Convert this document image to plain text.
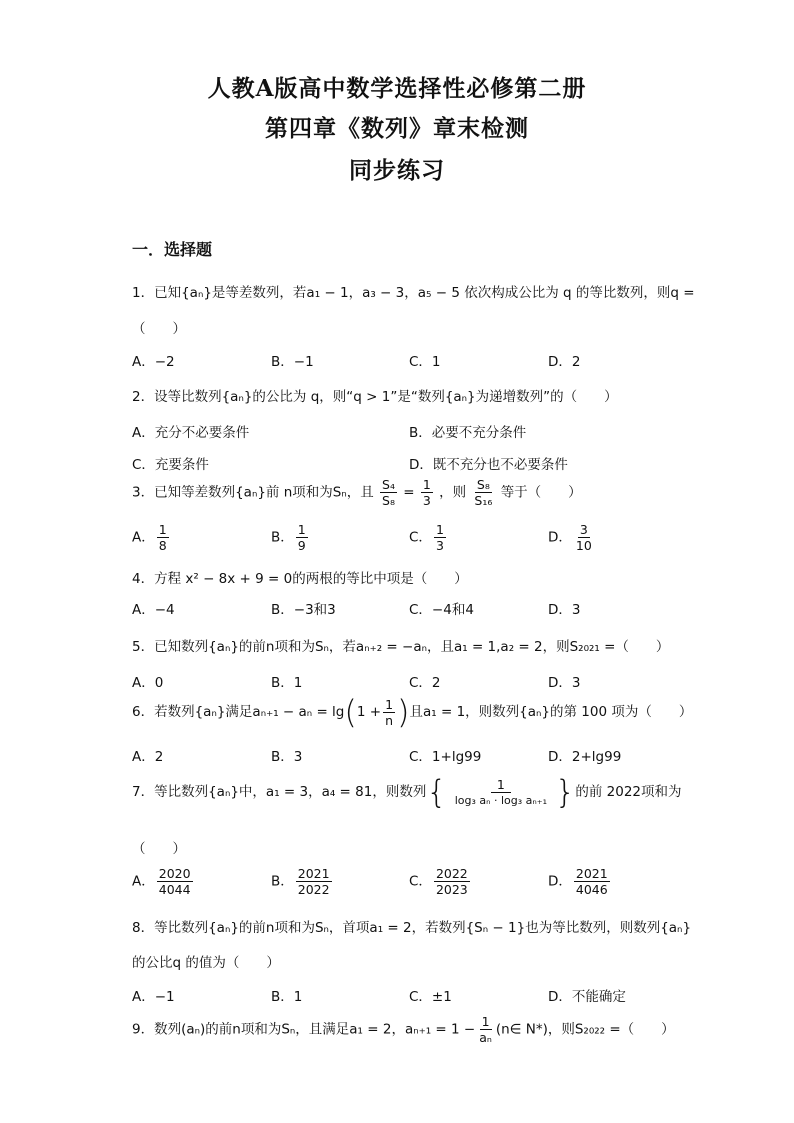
人教A版高中数学选择性必修第二册
第四章《数列》章末检测
同步练习
一．选择题
1．已知{aₙ}是等差数列，若a₁ − 1，a₃ − 3，a₅ − 5 依次构成公比为 q 的等比数列，则q =
（　　）
A．−2	B．−1	C．1	D．2
2．设等比数列{aₙ}的公比为 q，则“q > 1”是“数列{aₙ}为递增数列”的（　　）
A．充分不必要条件	B．必要不充分条件
C．充要条件	D．既不充分也不必要条件
3．已知等差数列{aₙ}前 n项和为Sₙ，且 $\frac{\text{S₄}}{\text{S₈}} = \frac{1}{3}$ ，则 $\frac{\text{S₈}}{\text{S₁₆}}$ 等于（　　）
A． $\frac{1}{8}$	B． $\frac{1}{9}$	C． $\frac{1}{3}$	D． $\frac{3}{10}$
4．方程 x² − 8x + 9 = 0的两根的等比中项是（　　）
A．−4	B．−3和3	C．−4和4	D．3
5．已知数列{aₙ}的前n项和为Sₙ，若aₙ₊₂ = −aₙ，且a₁ = 1,a₂ = 2，则S₂₀₂₁ =（　　）
A．0	B．1	C．2	D．3
6．若数列{aₙ}满足aₙ₊₁ − aₙ = lg ( $1 + \frac{1}{n}$ ) 且a₁ = 1，则数列{aₙ}的第 100 项为（　　）
A．2	B．3	C．1+lg99	D．2+lg99
7．等比数列{aₙ}中，a₁ = 3，a₄ = 81，则数列 { $\frac{1}{\text{log₃ aₙ · log₃ aₙ₊₁}}$ } 的前 2022项和为
（　　）
A． $\frac{2020}{4044}$	B． $\frac{2021}{2022}$	C． $\frac{2022}{2023}$	D． $\frac{2021}{4046}$
8．等比数列{aₙ}的前n项和为Sₙ，首项a₁ = 2，若数列{Sₙ − 1}也为等比数列，则数列{aₙ}
的公比q 的值为（　　）
A．−1	B．1	C．±1	D．不能确定
9．数列(aₙ)的前n项和为Sₙ，且满足a₁ = 2，$a_{n+1} = 1 - \frac{1}{\text{aₙ}}$ (n∈ N*)，则S₂₀₂₂ =（　　）
